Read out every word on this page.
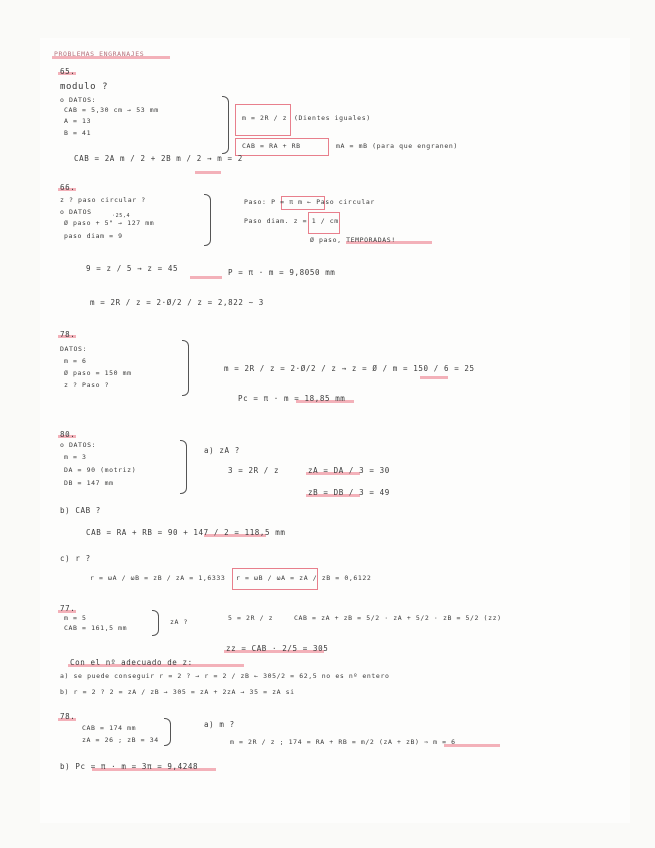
PROBLEMAS ENGRANAJES
65.
modulo ?
o DATOS:
CAB = 5,30 cm → 53 mm
A = 13
B = 41
m = 2R / z (Dientes iguales)
CAB = RA + RB	mA = mB (para que engranen)
CAB = 2A m / 2 + 2B m / 2 → m = 2
66.
z ? paso circular ?
o DATOS	·25,4
Ø paso + 5" → 127 mm
paso diam = 9
Paso: P = π m ← Paso circular
Paso diam. z = 1 / cm
Ø paso, TEMPORADAS!
9 = z / 5 → z = 45	P = π · m = 9,8050 mm
m = 2R / z = 2·Ø/2 / z = 2,822 ~ 3
78.
DATOS:
m = 6
Ø paso = 150 mm
z ? Paso ?
m = 2R / z = 2·Ø/2 / z → z = Ø / m = 150 / 6 = 25
Pc = π · m = 18,85 mm
80.
o DATOS:
m = 3
DA = 90 (motriz)
DB = 147 mm
a) zA ?
3 = 2R / z	zA = DA / 3 = 30
zB = DB / 3 = 49
b) CAB ?
CAB = RA + RB = 90 + 147 / 2 = 118,5 mm
c) r ?
r = ωA / ωB = zB / zA = 1,6333 r = ωB / ωA = zA / zB = 0,6122
77.
m = 5
CAB = 161,5 mm
zA ?	5 = 2R / z	CAB = zA + zB = 5/2 · zA + 5/2 · zB = 5/2 (zz)
zz = CAB · 2/5 = 305
Con el nº adecuado de z:
a) se puede conseguir r = 2 ? → r = 2 / zB ← 305/2 = 62,5 no es nº entero
b) r = 2 ? 2 = zA / zB → 305 = zA + 2zA → 35 = zA si
78.
CAB = 174 mm
zA = 26 ; zB = 34
a) m ?
m = 2R / z ; 174 = RA + RB = m/2 (zA + zB) ⇒ m = 6
b) Pc = π · m = 3π = 9,4248
